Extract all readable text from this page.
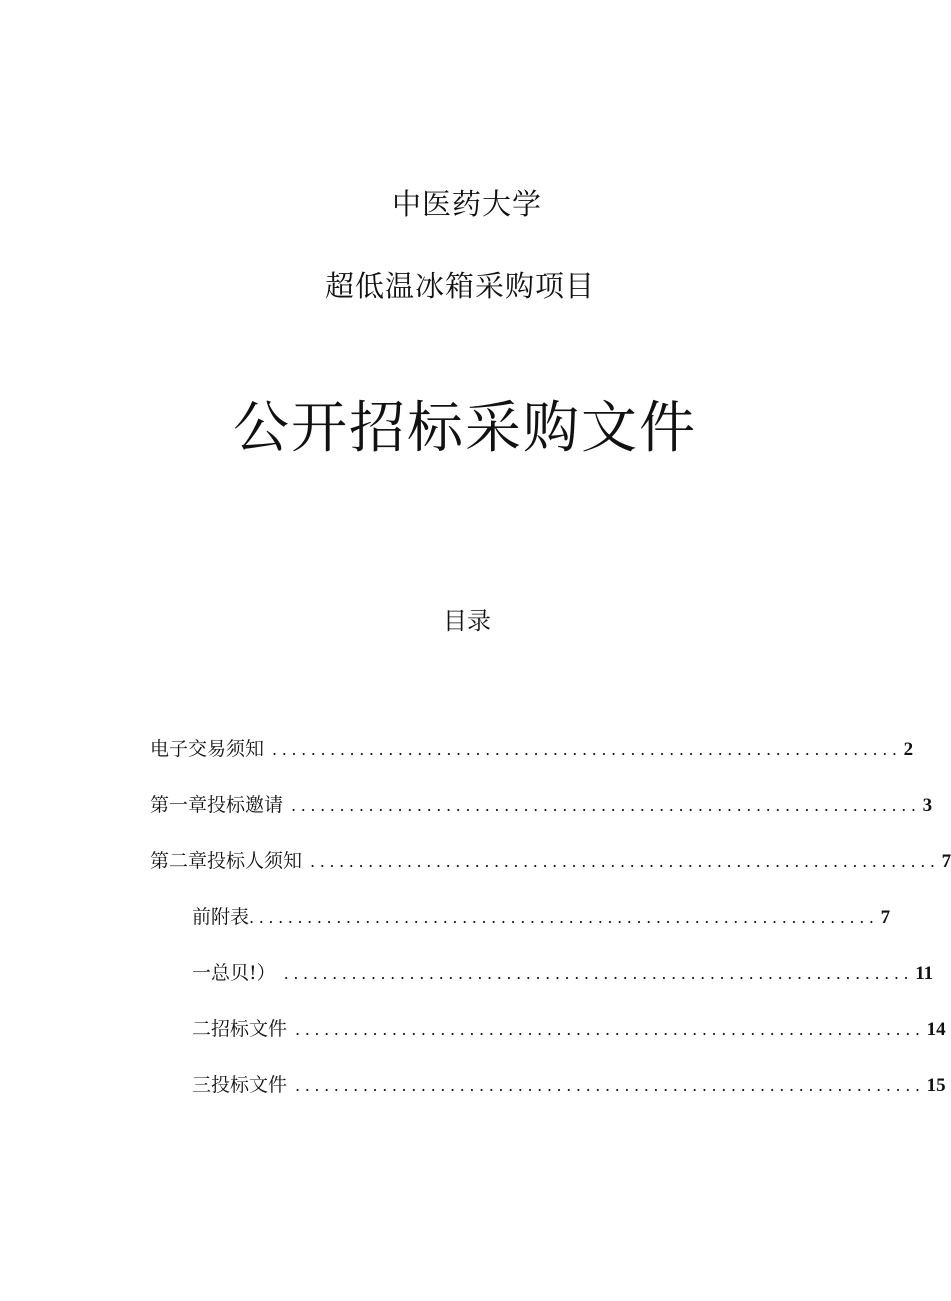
中医药大学
超低温冰箱采购项目
公开招标采购文件
目录
电子交易须知 ................................................................. 2
第一章投标邀请 ................................................................. 3
第二章投标人须知 ................................................................. 7
前附表 ................................................................. 7
一总贝!） ................................................................. 11
二招标文件 ................................................................. 14
三投标文件 ................................................................. 15
